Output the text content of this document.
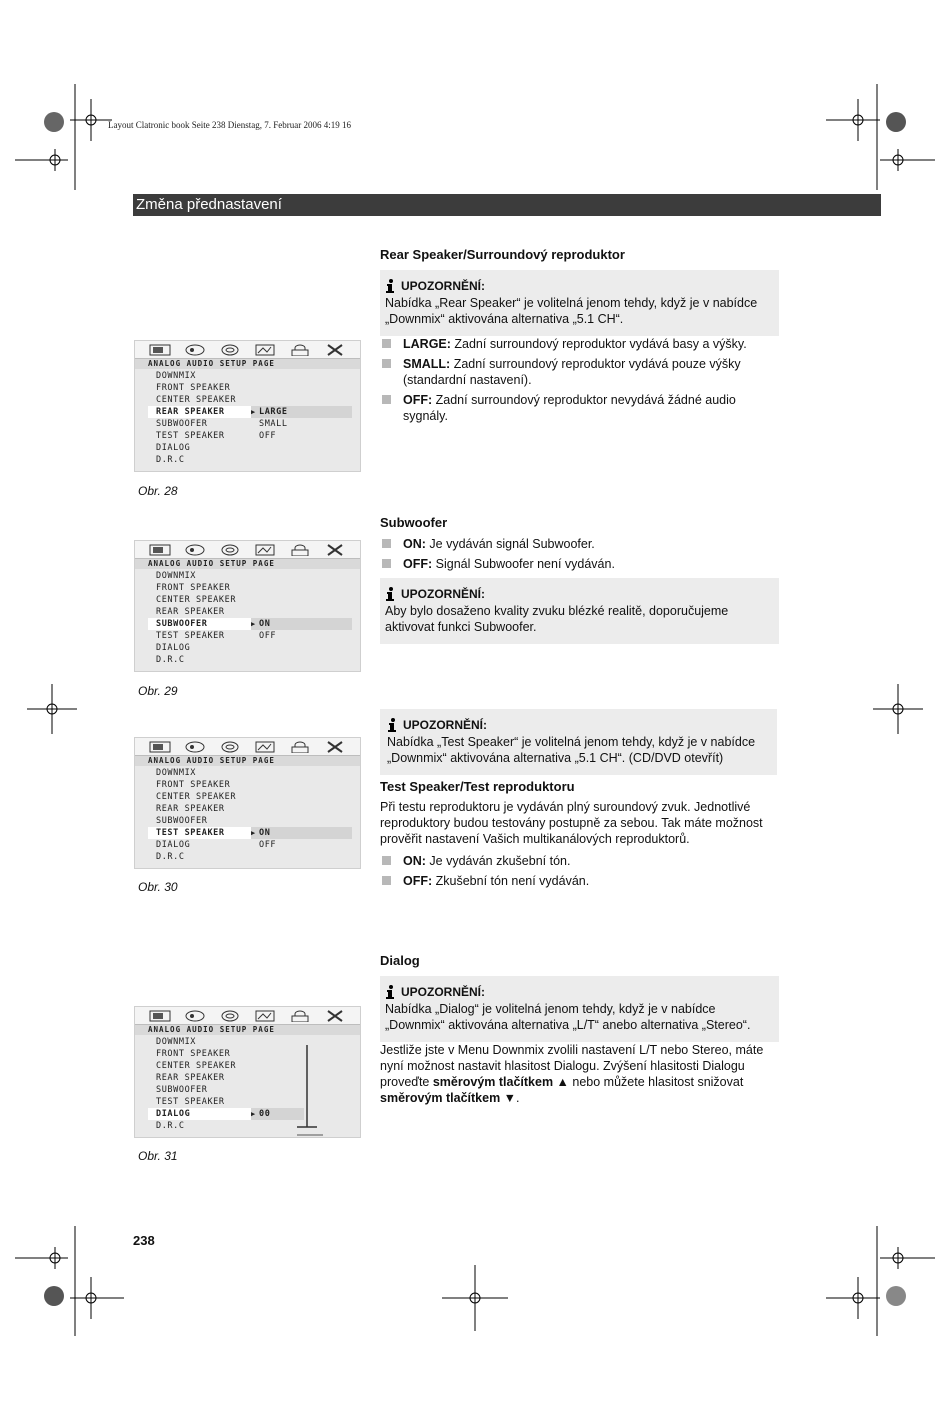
Layout Clatronic book Seite 238 Dienstag, 7. Februar 2006 4:19 16
Změna přednastavení
Rear Speaker/Surroundový reproduktor
UPOZORNĚNÍ:
Nabídka „Rear Speaker“ je volitelná jenom tehdy, když je v nabídce „Downmix“ aktivována alternativa „5.1 CH“.
LARGE: Zadní surroundový reproduktor vydává basy a výšky.
SMALL: Zadní surroundový reproduktor vydává pouze výšky (standardní nastavení).
OFF: Zadní surroundový reproduktor nevydává žádné audio sygnály.
ANALOG AUDIO SETUP PAGE
DOWNMIX
FRONT SPEAKER
CENTER SPEAKER
REAR SPEAKER	▶ LARGE
SUBWOOFER	SMALL
TEST SPEAKER	OFF
DIALOG
D.R.C
Obr. 28
Subwoofer
ON: Je vydáván signál Subwoofer.
OFF: Signál Subwoofer není vydáván.
UPOZORNĚNÍ:
Aby bylo dosaženo kvality zvuku blézké realitě, doporučujeme aktivovat funkci Subwoofer.
ANALOG AUDIO SETUP PAGE
DOWNMIX
FRONT SPEAKER
CENTER SPEAKER
REAR SPEAKER
SUBWOOFER	▶ ON
TEST SPEAKER	OFF
DIALOG
D.R.C
Obr. 29
UPOZORNĚNÍ:
Nabídka „Test Speaker“ je volitelná jenom tehdy, když je v nabídce „Downmix“ aktivována alternativa „5.1 CH“. (CD/DVD otevřít)
Test Speaker/Test reproduktoru
Při testu reproduktoru je vydáván plný suroundový zvuk. Jednotlivé reproduktory budou testovány postupně za sebou. Tak máte možnost prověřit nastavení Vašich multikanálových reproduktorů.
ON: Je vydáván zkušební tón.
OFF: Zkušební tón není vydáván.
ANALOG AUDIO SETUP PAGE
DOWNMIX
FRONT SPEAKER
CENTER SPEAKER
REAR SPEAKER
SUBWOOFER
TEST SPEAKER	▶ ON
DIALOG	OFF
D.R.C
Obr. 30
Dialog
UPOZORNĚNÍ:
Nabídka „Dialog“ je volitelná jenom tehdy, když je v nabídce „Downmix“ aktivována alternativa „L/T“ anebo alternativa „Stereo“.
Jestliže jste v Menu Downmix zvolili nastavení L/T nebo Stereo, máte nyní možnost nastavit hlasitost Dialogu. Zvýšení hlasitosti Dialogu proveďte směrovým tlačítkem ▲ nebo můžete hlasitost snižovat směrovým tlačítkem ▼.
ANALOG AUDIO SETUP PAGE
DOWNMIX
FRONT SPEAKER
CENTER SPEAKER
REAR SPEAKER
SUBWOOFER
TEST SPEAKER
DIALOG	▶ 00
D.R.C
Obr. 31
238
